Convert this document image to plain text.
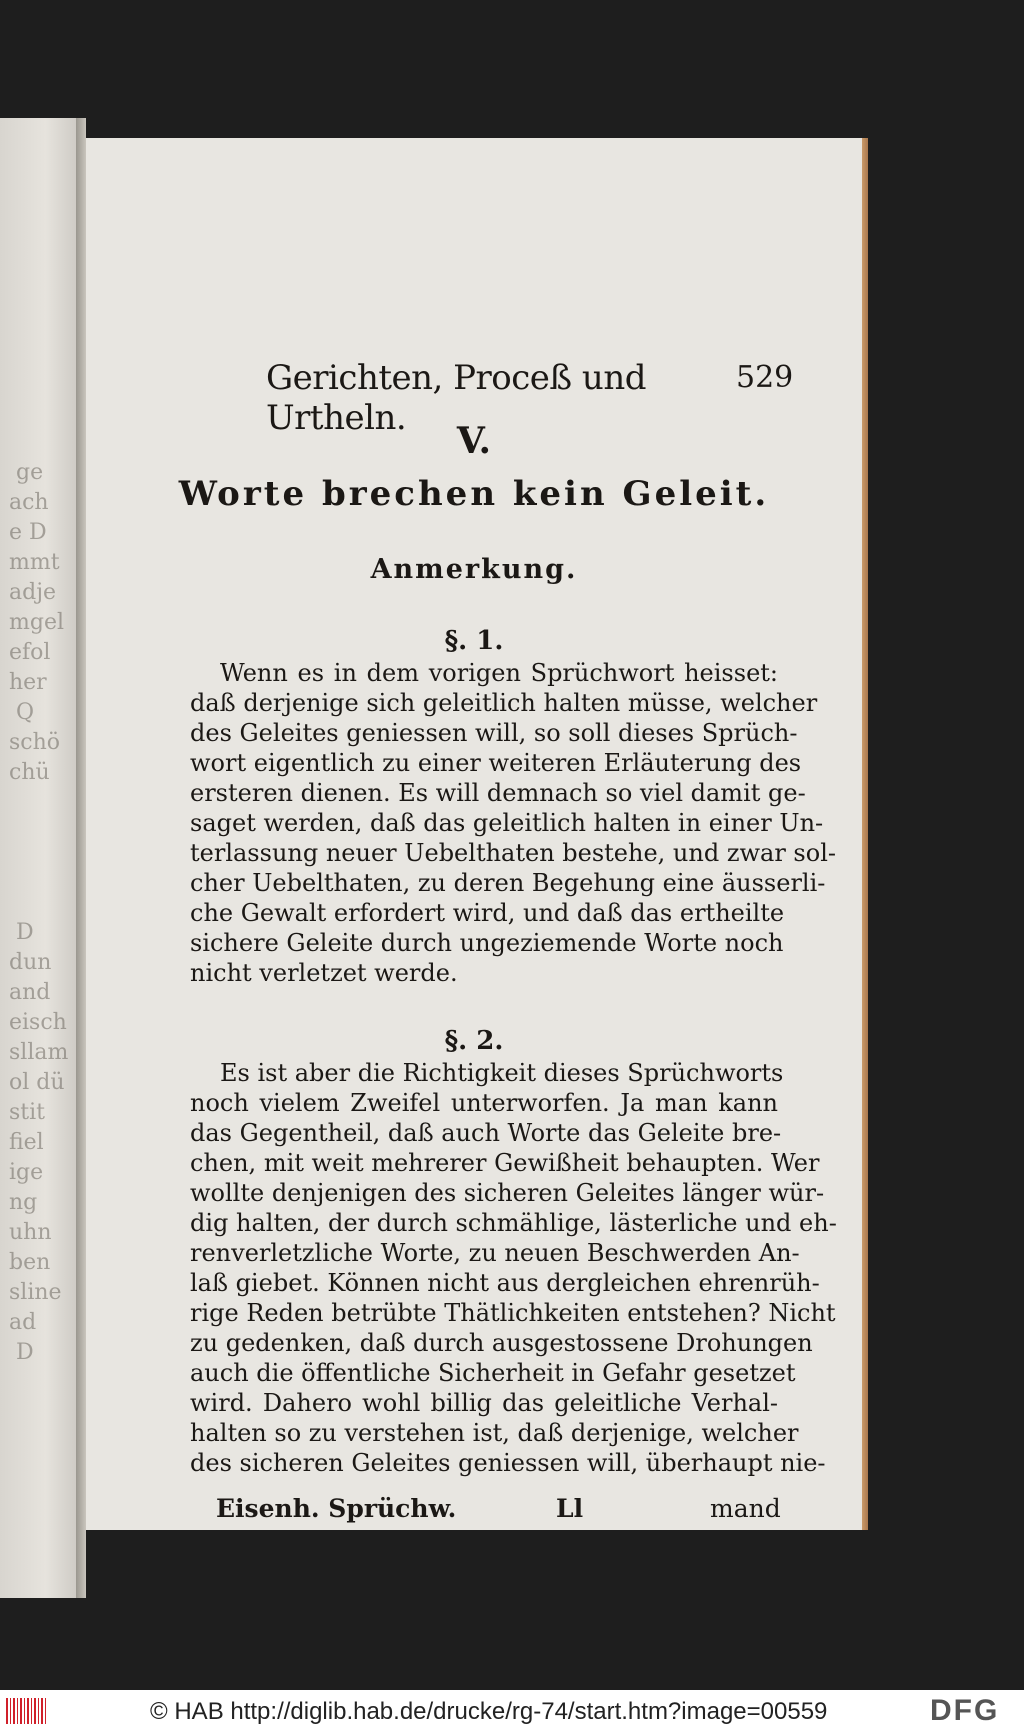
ge
ach
e D
mmt
adje
mgel
efol
her
Q
schö
chü
D
dun
and
eisch
sllam
ol dü
stit
fiel
ige
ng
uhn
ben
sline
ad
D
Gerichten, Proceß und Urtheln.
529
V.
Worte brechen kein Geleit.
Anmerkung.
§. 1.
Wenn es in dem vorigen Sprüchwort heisset:
daß derjenige sich geleitlich halten müsse, welcher
des Geleites geniessen will, so soll dieses Sprüch-
wort eigentlich zu einer weiteren Erläuterung des
ersteren dienen. Es will demnach so viel damit ge-
saget werden, daß das geleitlich halten in einer Un-
terlassung neuer Uebelthaten bestehe, und zwar sol-
cher Uebelthaten, zu deren Begehung eine äusserli-
che Gewalt erfordert wird, und daß das ertheilte
sichere Geleite durch ungeziemende Worte noch
nicht verletzet werde.
§. 2.
Es ist aber die Richtigkeit dieses Sprüchworts
noch vielem Zweifel unterworfen. Ja man kann
das Gegentheil, daß auch Worte das Geleite bre-
chen, mit weit mehrerer Gewißheit behaupten. Wer
wollte denjenigen des sicheren Geleites länger wür-
dig halten, der durch schmähligе, lästerliche und eh-
renverletzliche Worte, zu neuen Beschwerden An-
laß giebet. Können nicht aus dergleichen ehrenrüh-
rige Reden betrübte Thätlichkeiten entstehen? Nicht
zu gedenken, daß durch ausgestossene Drohungen
auch die öffentliche Sicherheit in Gefahr gesetzet
wird. Dahero wohl billig das geleitliche Verhal-
halten so zu verstehen ist, daß derjenige, welcher
des sicheren Geleites geniessen will, überhaupt nie-
Eisenh. Sprüchw.	Ll	mand
© HAB http://diglib.hab.de/drucke/rg-74/start.htm?image=00559	DFG
